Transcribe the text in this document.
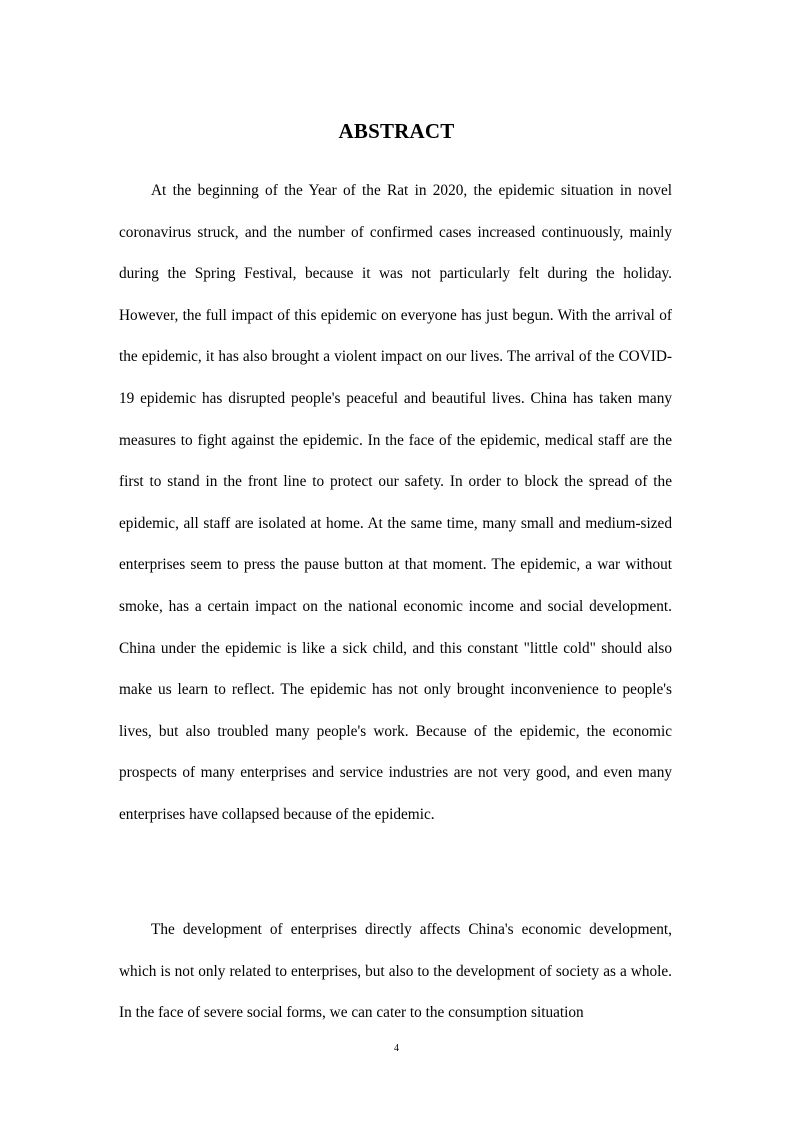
ABSTRACT

At the beginning of the Year of the Rat in 2020, the epidemic situation in novel coronavirus struck, and the number of confirmed cases increased continuously, mainly during the Spring Festival, because it was not particularly felt during the holiday. However, the full impact of this epidemic on everyone has just begun. With the arrival of the epidemic, it has also brought a violent impact on our lives. The arrival of the COVID-19 epidemic has disrupted people's peaceful and beautiful lives. China has taken many measures to fight against the epidemic. In the face of the epidemic, medical staff are the first to stand in the front line to protect our safety. In order to block the spread of the epidemic, all staff are isolated at home. At the same time, many small and medium-sized enterprises seem to press the pause button at that moment. The epidemic, a war without smoke, has a certain impact on the national economic income and social development. China under the epidemic is like a sick child, and this constant "little cold" should also make us learn to reflect. The epidemic has not only brought inconvenience to people's lives, but also troubled many people's work. Because of the epidemic, the economic prospects of many enterprises and service industries are not very good, and even many enterprises have collapsed because of the epidemic.

The development of enterprises directly affects China's economic development, which is not only related to enterprises, but also to the development of society as a whole. In the face of severe social forms, we can cater to the consumption situation

4
